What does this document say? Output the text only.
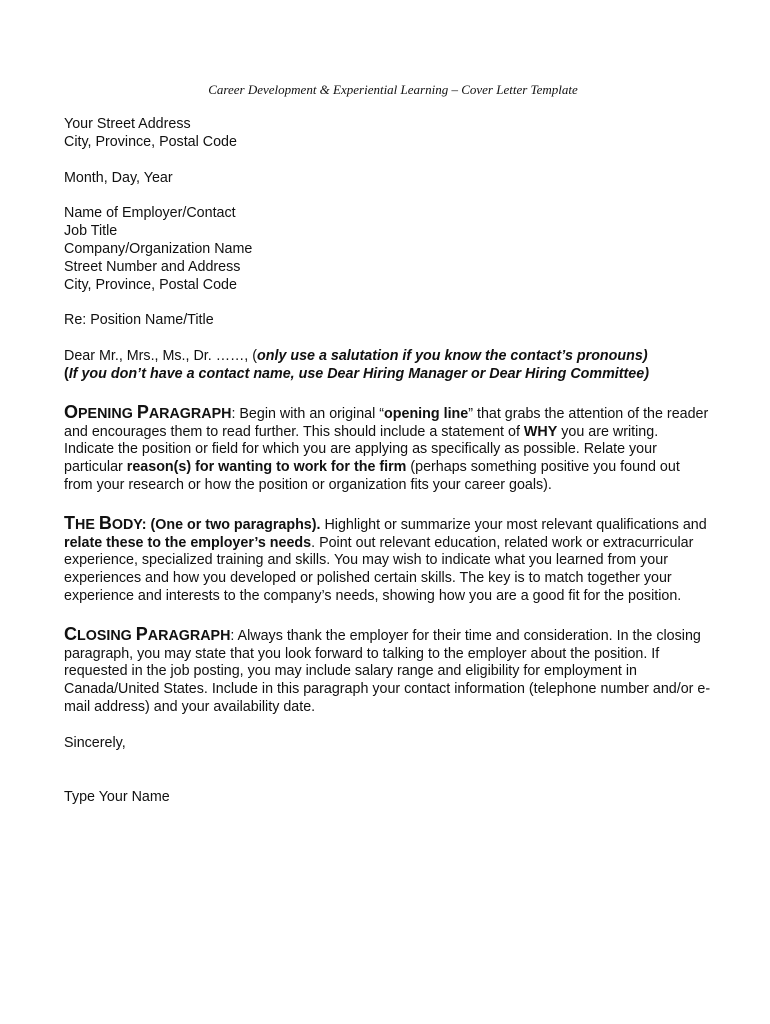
Career Development & Experiential Learning – Cover Letter Template
Your Street Address
City, Province, Postal Code
Month, Day, Year
Name of Employer/Contact
Job Title
Company/Organization Name
Street Number and Address
City, Province, Postal Code
Re: Position Name/Title
Dear Mr., Mrs., Ms., Dr. ……, (only use a salutation if you know the contact’s pronouns)
(If you don’t have a contact name, use Dear Hiring Manager or Dear Hiring Committee)
OPENING PARAGRAPH: Begin with an original “opening line” that grabs the attention of the reader and encourages them to read further. This should include a statement of WHY you are writing. Indicate the position or field for which you are applying as specifically as possible. Relate your particular reason(s) for wanting to work for the firm (perhaps something positive you found out from your research or how the position or organization fits your career goals).
THE BODY: (One or two paragraphs). Highlight or summarize your most relevant qualifications and relate these to the employer’s needs. Point out relevant education, related work or extracurricular experience, specialized training and skills. You may wish to indicate what you learned from your experiences and how you developed or polished certain skills. The key is to match together your experience and interests to the company’s needs, showing how you are a good fit for the position.
CLOSING PARAGRAPH: Always thank the employer for their time and consideration. In the closing paragraph, you may state that you look forward to talking to the employer about the position. If requested in the job posting, you may include salary range and eligibility for employment in Canada/United States. Include in this paragraph your contact information (telephone number and/or e-mail address) and your availability date.
Sincerely,
Type Your Name
